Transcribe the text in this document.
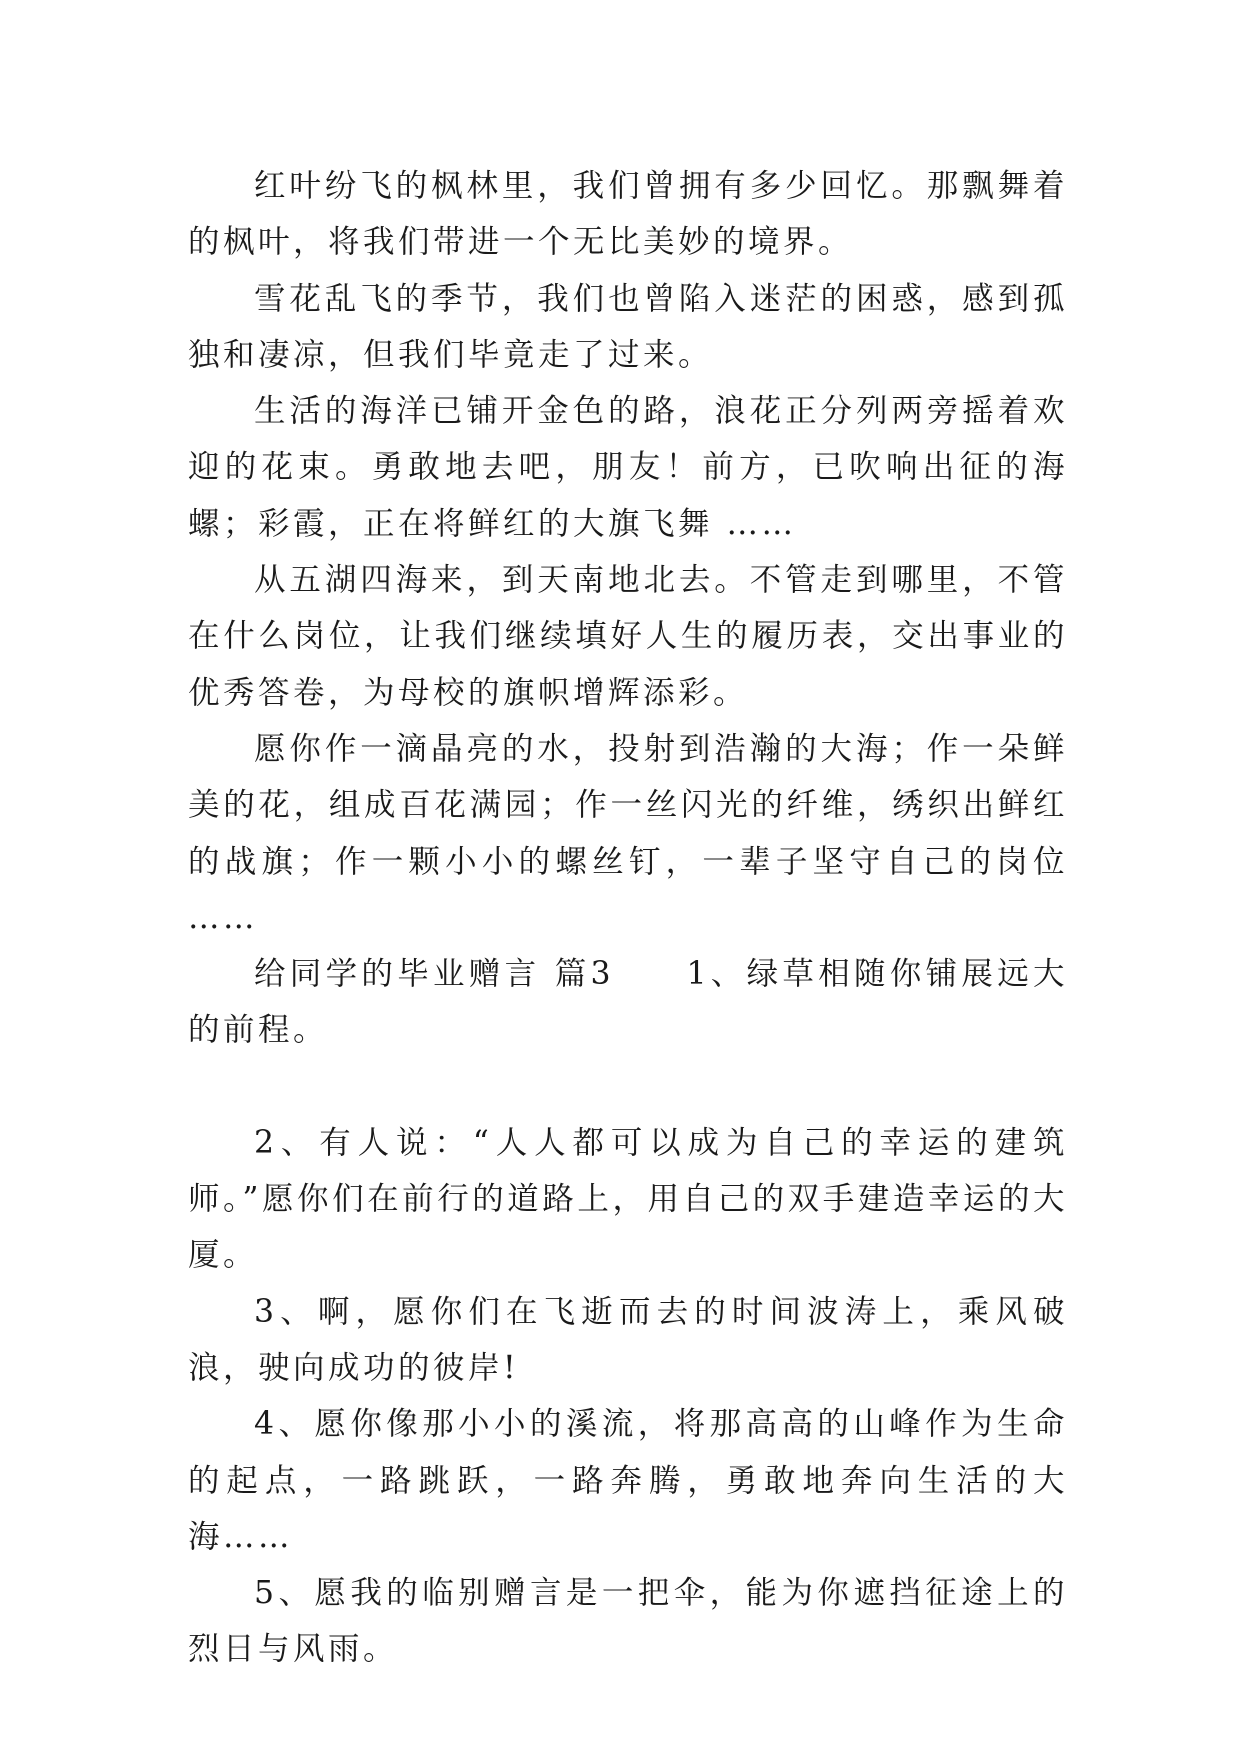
红叶纷飞的枫林里，我们曾拥有多少回忆。那飘舞着的枫叶，将我们带进一个无比美妙的境界。

雪花乱飞的季节，我们也曾陷入迷茫的困惑，感到孤独和凄凉，但我们毕竟走了过来。

生活的海洋已铺开金色的路，浪花正分列两旁摇着欢迎的花束。勇敢地去吧，朋友！前方，已吹响出征的海螺；彩霞，正在将鲜红的大旗飞舞 ……

从五湖四海来，到天南地北去。不管走到哪里，不管在什么岗位，让我们继续填好人生的履历表，交出事业的优秀答卷，为母校的旗帜增辉添彩。

愿你作一滴晶亮的水，投射到浩瀚的大海；作一朵鲜美的花，组成百花满园；作一丝闪光的纤维，绣织出鲜红的战旗；作一颗小小的螺丝钉，一辈子坚守自己的岗位 ……

给同学的毕业赠言 篇3　　1、绿草相随你铺展远大的前程。

2、有人说：“人人都可以成为自己的幸运的建筑师。”愿你们在前行的道路上，用自己的双手建造幸运的大厦。

3、啊，愿你们在飞逝而去的时间波涛上，乘风破浪，驶向成功的彼岸!

4、愿你像那小小的溪流，将那高高的山峰作为生命的起点，一路跳跃，一路奔腾，勇敢地奔向生活的大海……

5、愿我的临别赠言是一把伞，能为你遮挡征途上的烈日与风雨。
